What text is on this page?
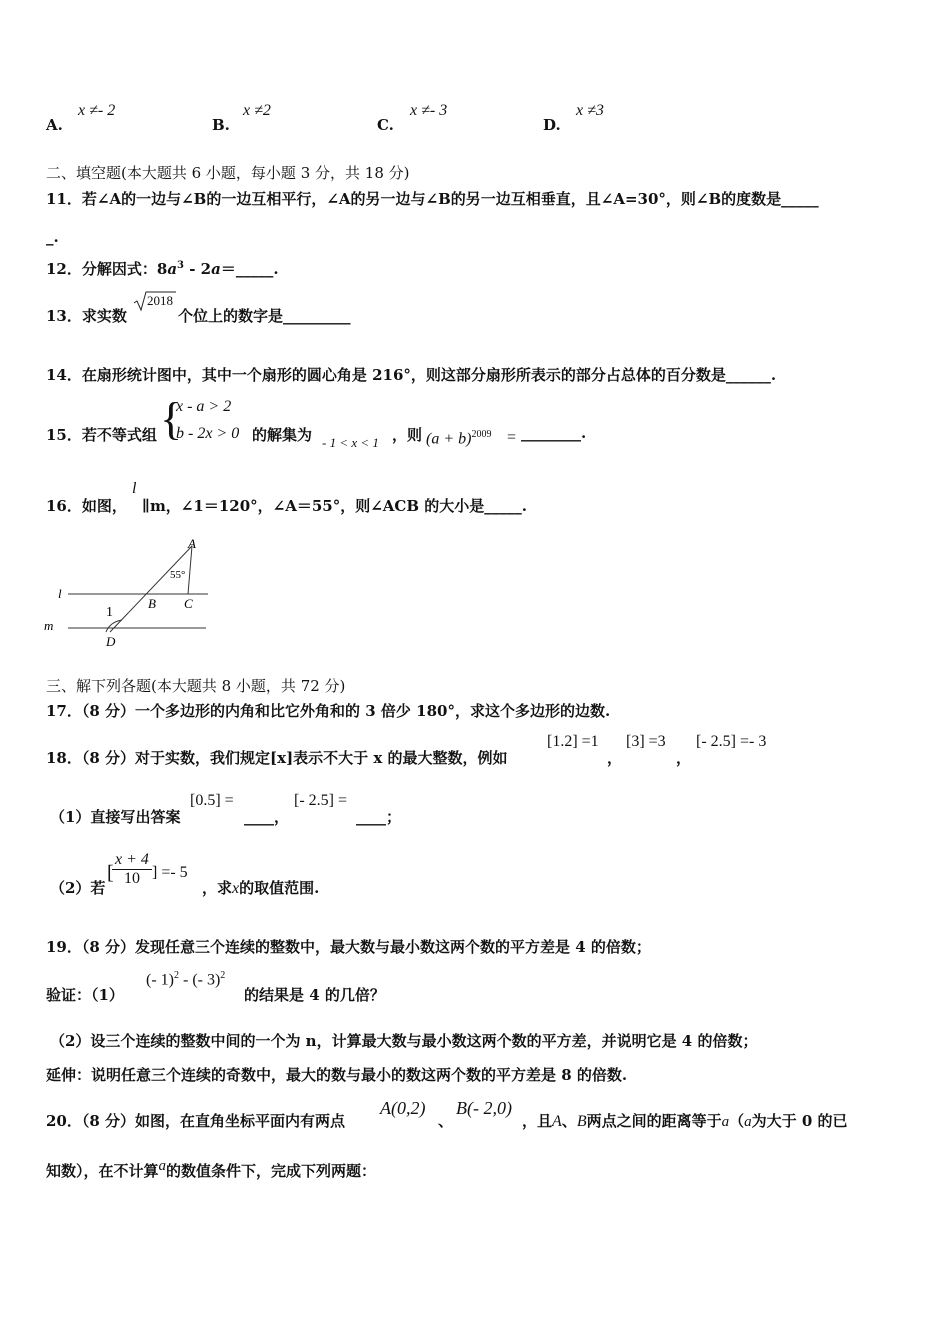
A.
x ≠- 2
B.
x ≠2
C.
x ≠- 3
D.
x ≠3
二、填空题(本大题共 6 小题，每小题 3 分，共 18 分)
11．若∠A的一边与∠B的一边互相平行，∠A的另一边与∠B的另一边互相垂直，且∠A=30°，则∠B的度数是_____
_.
12．分解因式：$8a^3$ - 2a＝_____.
13．求实数
2018
个位上的数字是_________
14．在扇形统计图中，其中一个扇形的圆心角是 216°，则这部分扇形所表示的部分占总体的百分数是______.
15．若不等式组 {
x - a > 2
b - 2x > 0 的解集为 - 1 < x < 1 ，则 $(a + b)^{2009}$ = ________.
16．如图，
l
∥m，∠1＝120°，∠A＝55°，则∠ACB 的大小是_____.
A
55°
B C
D
1
l
m
三、解下列各题(本大题共 8 小题，共 72 分)
17．（8 分）一个多边形的内角和比它外角和的 3 倍少 180°，求这个多边形的边数.
18．（8 分）对于实数，我们规定[x]表示不大于 x 的最大整数，例如
[1.2] =1
，
[3] =3
，
[- 2.5] =- 3
（1）直接写出答案
[0.5] =
____，
[- 2.5] =
____；
（2）若
[
$\frac{x + 4}{10}$ ] =- 5
，求x的取值范围.
19．（8 分）发现任意三个连续的整数中，最大数与最小数这两个数的平方差是 4 的倍数；
验证：（1）
(- 1)$^2$ - (- 3)$^2$
的结果是 4 的几倍？
（2）设三个连续的整数中间的一个为 n，计算最大数与最小数这两个数的平方差，并说明它是 4 的倍数；
延伸：说明任意三个连续的奇数中，最大的数与最小的数这两个数的平方差是 8 的倍数.
20．（8 分）如图，在直角坐标平面内有两点
A(0,2)
、
B(- 2,0)
，且A、B两点之间的距离等于a（a为大于 0 的已
知数），在不计算a的数值条件下，完成下列两题：
